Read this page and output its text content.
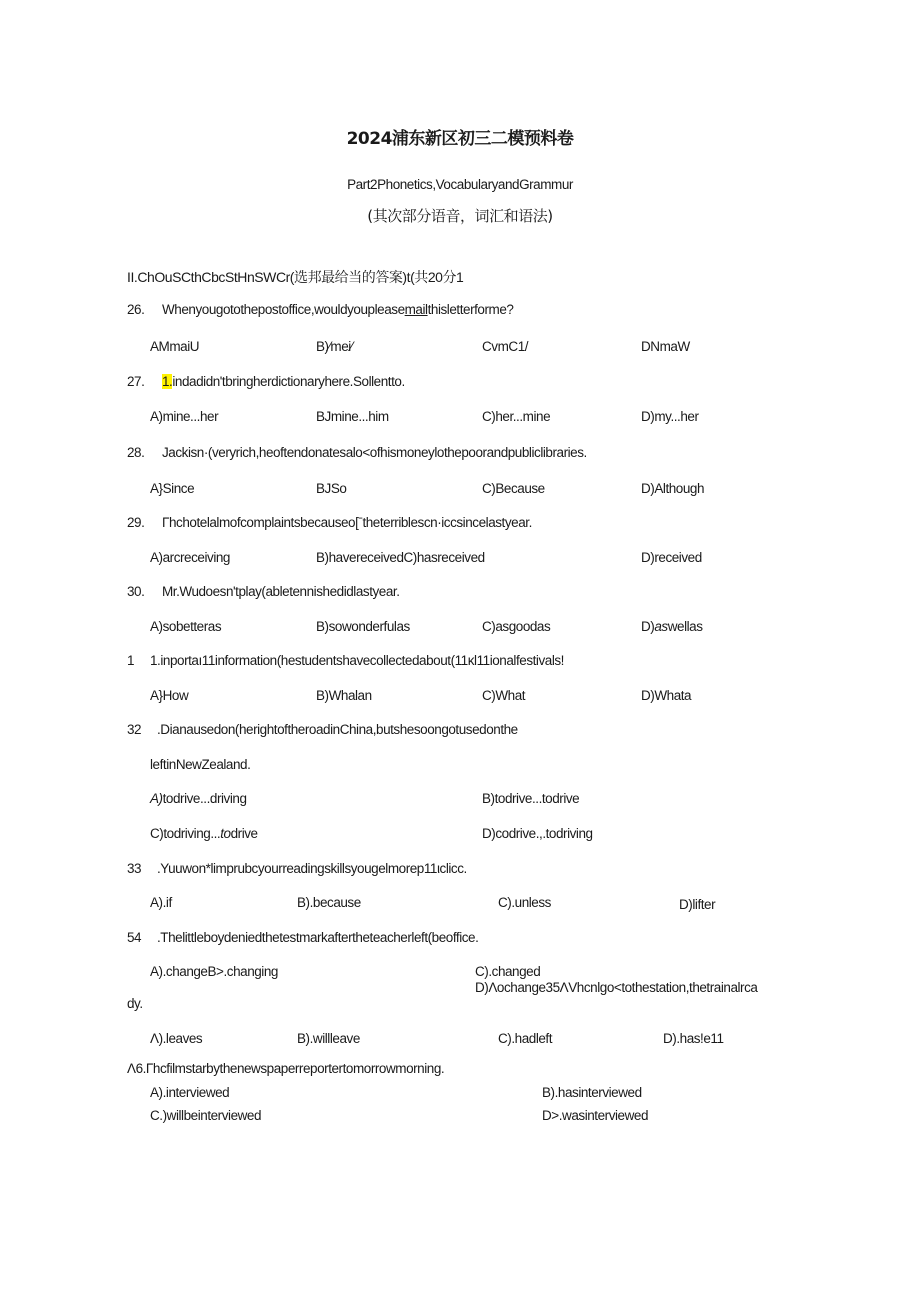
2024浦东新区初三二模预料卷
Part2Phonetics,VocabularyandGrammur
(其次部分语音，词汇和语法)
II.ChOuSCthCbcStHnSWCr(选邦最给当的答案)t(共20分1
26. Whenyougotothepostoffice,wouldyoupleasemailthisletterforme?
AMmaiU	B)⁄mei⁄	CvmC1/	DNmaW
27. 1.indadidn'tbringherdictionaryhere.Sollentto.
A)mine...her	BJmine...him	C)her...mine	D)my...her
28. Jackisn·(veryrich,heoftendonatesalo<ofhismoneylothepoorandpubliclibraries.
A}Since	BJSo	C)Because	D)Although
29. Γhchotelalmofcomplaintsbecauseo[ˉtheterriblescn·iccsincelastyear.
A)arcreceiving	B)havereceivedC)hasreceived	D)received
30. Mr.Wudoesn'tplay(abletennishedidlastyear.
A)sobetteras	B)sowonderfulas	C)asgoodas	D)aswellas
1 1.inportaı11information(hestudentshavecollectedabout(11κl11ionalfestivals!
A}How	B)Whalan	C)What	D)Whata
32 .Dianausedon(herightoftheroadinChina,butshesoongotusedonthe
leftinNewZealand.
A)todrive...driving	B)todrive...todrive
C)todriving...todrive	D)codrive.,.todriving
33 .Yuuwon*limprubcyourreadingskillsyougelmorep11ιclicc.
A).if	B).because	C).unless	D)lifter
54 .Thelittleboydeniedthetestmarkaftertheteacherleft(beoffice.
A).changeB>.changing	C).changed
D)Λochange35ΛVhcnlgo<tothestation,thetrainalrca
dy.
Λ).leaves	B).willleave	C).hadleft	D).has!e11
Λ6.Γhcfilmstarbythenewspaperreportertomorrowmorning.
A).interviewed	B).hasinterviewed
C.)willbeinterviewed	D>.wasinterviewed
